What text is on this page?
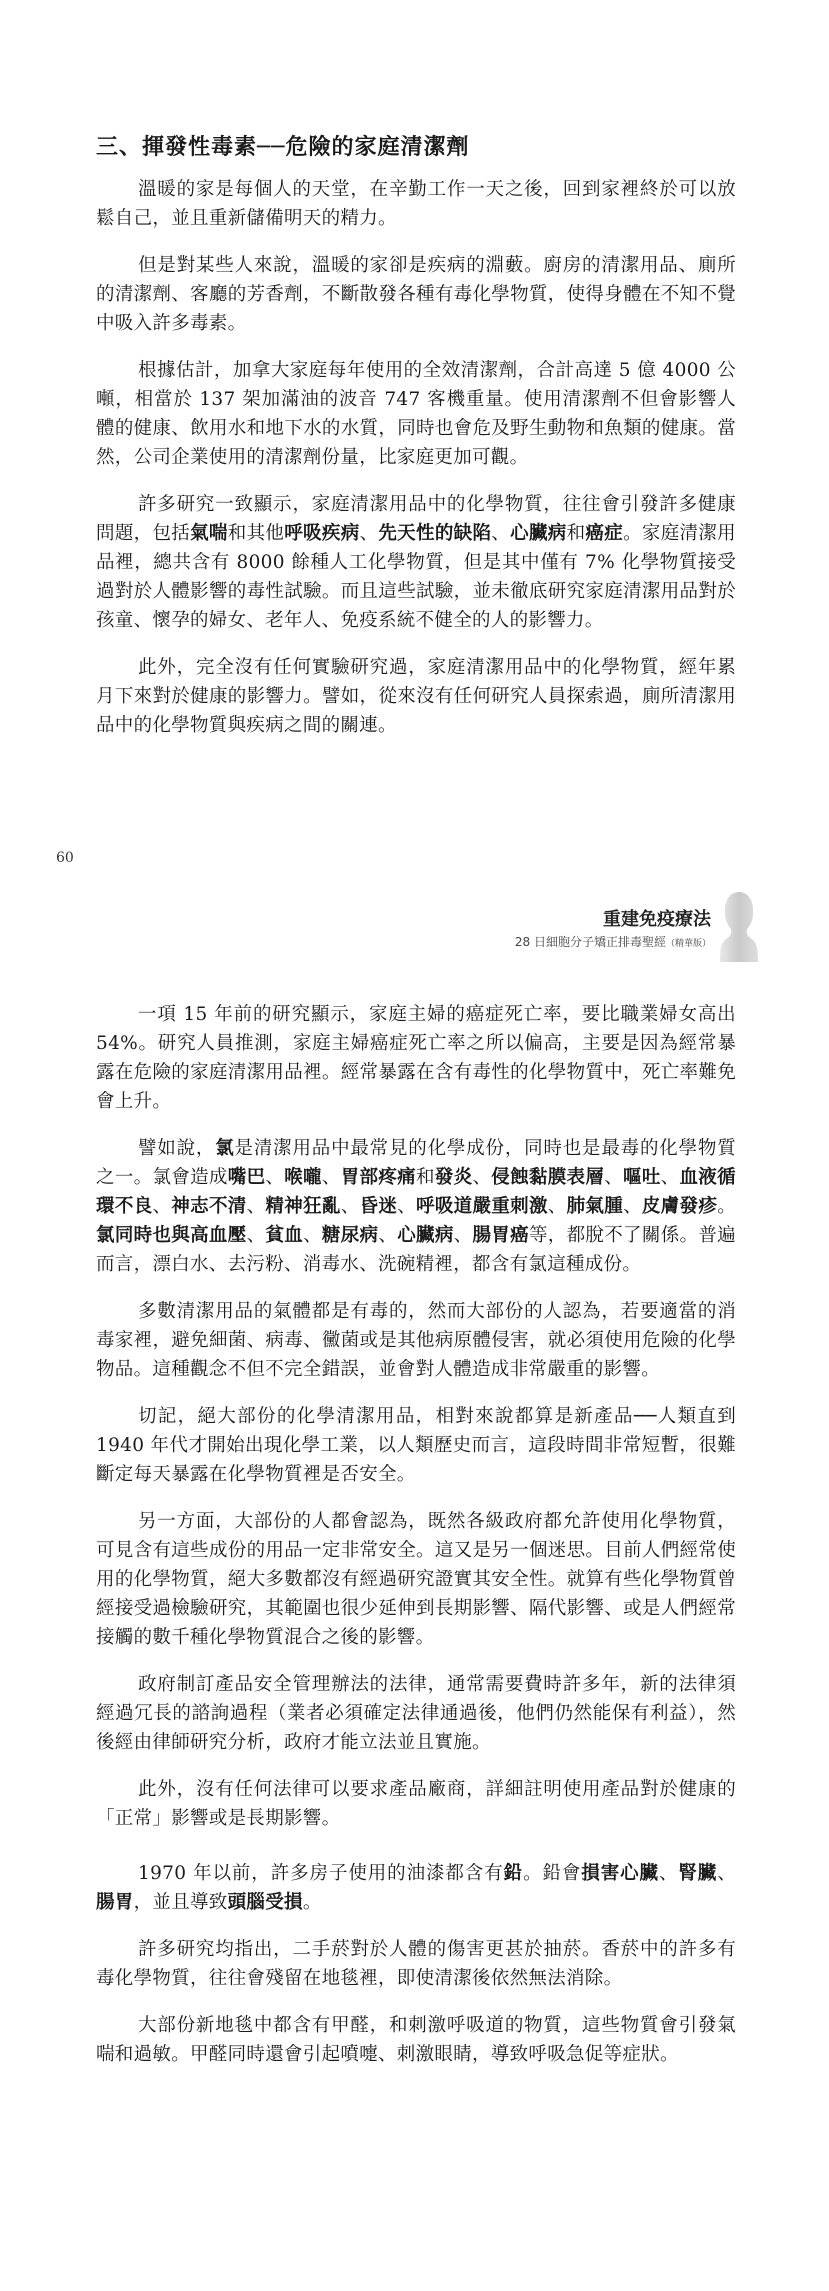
三、揮發性毒素──危險的家庭清潔劑

溫暖的家是每個人的天堂，在辛勤工作一天之後，回到家裡終於可以放鬆自己，並且重新儲備明天的精力。

但是對某些人來說，溫暖的家卻是疾病的淵藪。廚房的清潔用品、廁所的清潔劑、客廳的芳香劑，不斷散發各種有毒化學物質，使得身體在不知不覺中吸入許多毒素。

根據估計，加拿大家庭每年使用的全效清潔劑，合計高達 5 億 4000 公噸，相當於 137 架加滿油的波音 747 客機重量。使用清潔劑不但會影響人體的健康、飲用水和地下水的水質，同時也會危及野生動物和魚類的健康。當然，公司企業使用的清潔劑份量，比家庭更加可觀。

許多研究一致顯示，家庭清潔用品中的化學物質，往往會引發許多健康問題，包括氣喘和其他呼吸疾病、先天性的缺陷、心臟病和癌症。家庭清潔用品裡，總共含有 8000 餘種人工化學物質，但是其中僅有 7% 化學物質接受過對於人體影響的毒性試驗。而且這些試驗，並未徹底研究家庭清潔用品對於孩童、懷孕的婦女、老年人、免疫系統不健全的人的影響力。

此外，完全沒有任何實驗研究過，家庭清潔用品中的化學物質，經年累月下來對於健康的影響力。譬如，從來沒有任何研究人員探索過，廁所清潔用品中的化學物質與疾病之間的關連。

60

重建免疫療法

28 日細胞分子矯正排毒聖經（精華版）

一項 15 年前的研究顯示，家庭主婦的癌症死亡率，要比職業婦女高出 54%。研究人員推測，家庭主婦癌症死亡率之所以偏高，主要是因為經常暴露在危險的家庭清潔用品裡。經常暴露在含有毒性的化學物質中，死亡率難免會上升。

譬如說，氯是清潔用品中最常見的化學成份，同時也是最毒的化學物質之一。氯會造成嘴巴、喉嚨、胃部疼痛和發炎、侵蝕黏膜表層、嘔吐、血液循環不良、神志不清、精神狂亂、昏迷、呼吸道嚴重刺激、肺氣腫、皮膚發疹。氯同時也與高血壓、貧血、糖尿病、心臟病、腸胃癌等，都脫不了關係。普遍而言，漂白水、去污粉、消毒水、洗碗精裡，都含有氯這種成份。

多數清潔用品的氣體都是有毒的，然而大部份的人認為，若要適當的消毒家裡，避免細菌、病毒、黴菌或是其他病原體侵害，就必須使用危險的化學物品。這種觀念不但不完全錯誤，並會對人體造成非常嚴重的影響。

切記，絕大部份的化學清潔用品，相對來說都算是新產品──人類直到 1940 年代才開始出現化學工業，以人類歷史而言，這段時間非常短暫，很難斷定每天暴露在化學物質裡是否安全。

另一方面，大部份的人都會認為，既然各級政府都允許使用化學物質，可見含有這些成份的用品一定非常安全。這又是另一個迷思。目前人們經常使用的化學物質，絕大多數都沒有經過研究證實其安全性。就算有些化學物質曾經接受過檢驗研究，其範圍也很少延伸到長期影響、隔代影響、或是人們經常接觸的數千種化學物質混合之後的影響。

政府制訂產品安全管理辦法的法律，通常需要費時許多年，新的法律須經過冗長的諮詢過程（業者必須確定法律通過後，他們仍然能保有利益），然後經由律師研究分析，政府才能立法並且實施。

此外，沒有任何法律可以要求產品廠商，詳細註明使用產品對於健康的「正常」影響或是長期影響。

1970 年以前，許多房子使用的油漆都含有鉛。鉛會損害心臟、腎臟、腸胃，並且導致頭腦受損。

許多研究均指出，二手菸對於人體的傷害更甚於抽菸。香菸中的許多有毒化學物質，往往會殘留在地毯裡，即使清潔後依然無法消除。

大部份新地毯中都含有甲醛，和刺激呼吸道的物質，這些物質會引發氣喘和過敏。甲醛同時還會引起噴嚏、刺激眼睛，導致呼吸急促等症狀。
